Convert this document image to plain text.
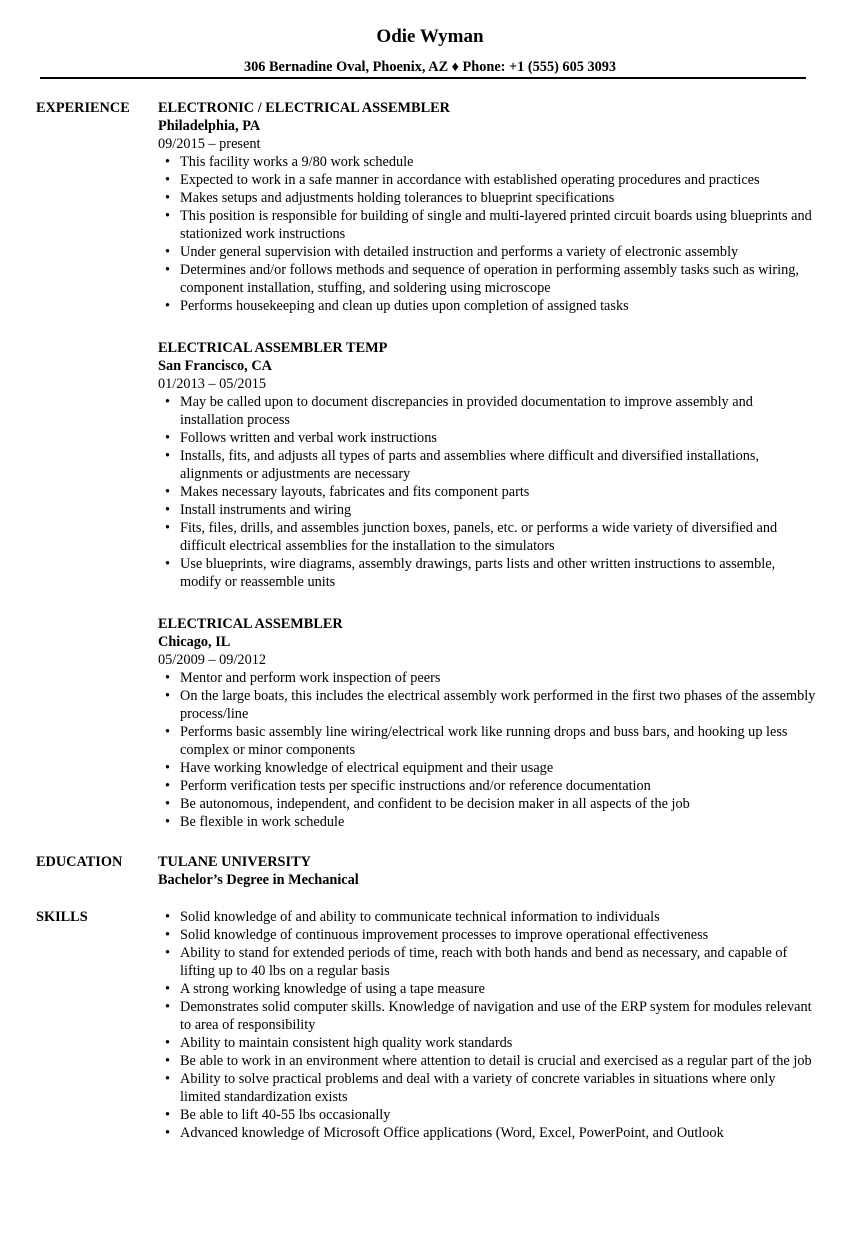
Odie Wyman
306 Bernadine Oval, Phoenix, AZ ♦ Phone: +1 (555) 605 3093
EXPERIENCE ELECTRONIC / ELECTRICAL ASSEMBLER
Philadelphia, PA
09/2015 – present
• This facility works a 9/80 work schedule
• Expected to work in a safe manner in accordance with established operating procedures and practices
• Makes setups and adjustments holding tolerances to blueprint specifications
• This position is responsible for building of single and multi-layered printed circuit boards using blueprints and stationized work instructions
• Under general supervision with detailed instruction and performs a variety of electronic assembly
• Determines and/or follows methods and sequence of operation in performing assembly tasks such as wiring, component installation, stuffing, and soldering using microscope
• Performs housekeeping and clean up duties upon completion of assigned tasks
ELECTRICAL ASSEMBLER TEMP
San Francisco, CA
01/2013 – 05/2015
• May be called upon to document discrepancies in provided documentation to improve assembly and installation process
• Follows written and verbal work instructions
• Installs, fits, and adjusts all types of parts and assemblies where difficult and diversified installations, alignments or adjustments are necessary
• Makes necessary layouts, fabricates and fits component parts
• Install instruments and wiring
• Fits, files, drills, and assembles junction boxes, panels, etc. or performs a wide variety of diversified and difficult electrical assemblies for the installation to the simulators
• Use blueprints, wire diagrams, assembly drawings, parts lists and other written instructions to assemble, modify or reassemble units
ELECTRICAL ASSEMBLER
Chicago, IL
05/2009 – 09/2012
• Mentor and perform work inspection of peers
• On the large boats, this includes the electrical assembly work performed in the first two phases of the assembly process/line
• Performs basic assembly line wiring/electrical work like running drops and buss bars, and hooking up less complex or minor components
• Have working knowledge of electrical equipment and their usage
• Perform verification tests per specific instructions and/or reference documentation
• Be autonomous, independent, and confident to be decision maker in all aspects of the job
• Be flexible in work schedule
EDUCATION TULANE UNIVERSITY
Bachelor’s Degree in Mechanical
SKILLS
•	Solid knowledge of and ability to communicate technical information to individuals
• Solid knowledge of continuous improvement processes to improve operational effectiveness
• Ability to stand for extended periods of time, reach with both hands and bend as necessary, and capable of lifting up to 40 lbs on a regular basis
• A strong working knowledge of using a tape measure
• Demonstrates solid computer skills. Knowledge of navigation and use of the ERP system for modules relevant to area of responsibility
• Ability to maintain consistent high quality work standards
• Be able to work in an environment where attention to detail is crucial and exercised as a regular part of the job
• Ability to solve practical problems and deal with a variety of concrete variables in situations where only limited standardization exists
• Be able to lift 40-55 lbs occasionally
• Advanced knowledge of Microsoft Office applications (Word, Excel, PowerPoint, and Outlook
